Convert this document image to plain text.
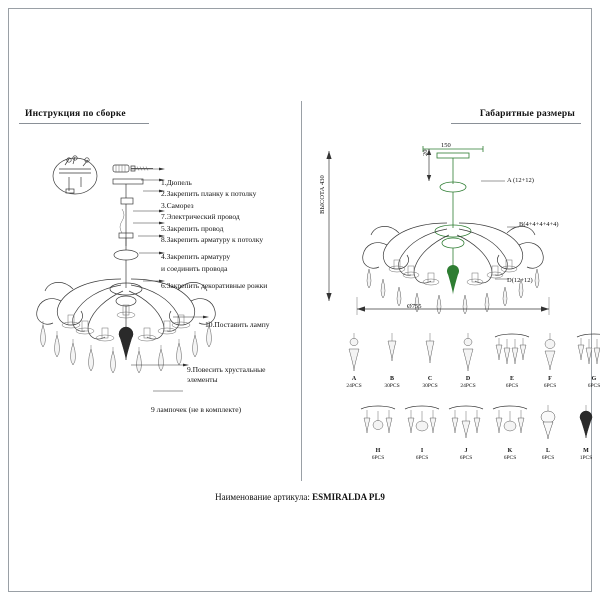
Инструкция по сборке	Габаритные размеры
1.Дюпель
2.Закрепить планку к потолку
3.Саморез
7.Электрический провод
5.Закрепить провод
8.Закрепить арматуру к потолку
4.Закрепить арматуру
и соединить провода
6.Закрепить декоративные рожки
10.Поставить лампу
9.Повесить хрустальные
элементы
9 лампочек (не в комплекте)
Ø755
150
ВЫСОТА 430
20
A (12+12)
B(4+4+4+4+4)
D(12+12)
A
24PCS
B
30PCS
C
30PCS
D
24PCS
E
6PCS
F
6PCS
G
6PCS
H
6PCS
I
6PCS
J
6PCS
K
6PCS
L
6PCS
M
1PCS
Наименование артикула: ESMIRALDA PL9
